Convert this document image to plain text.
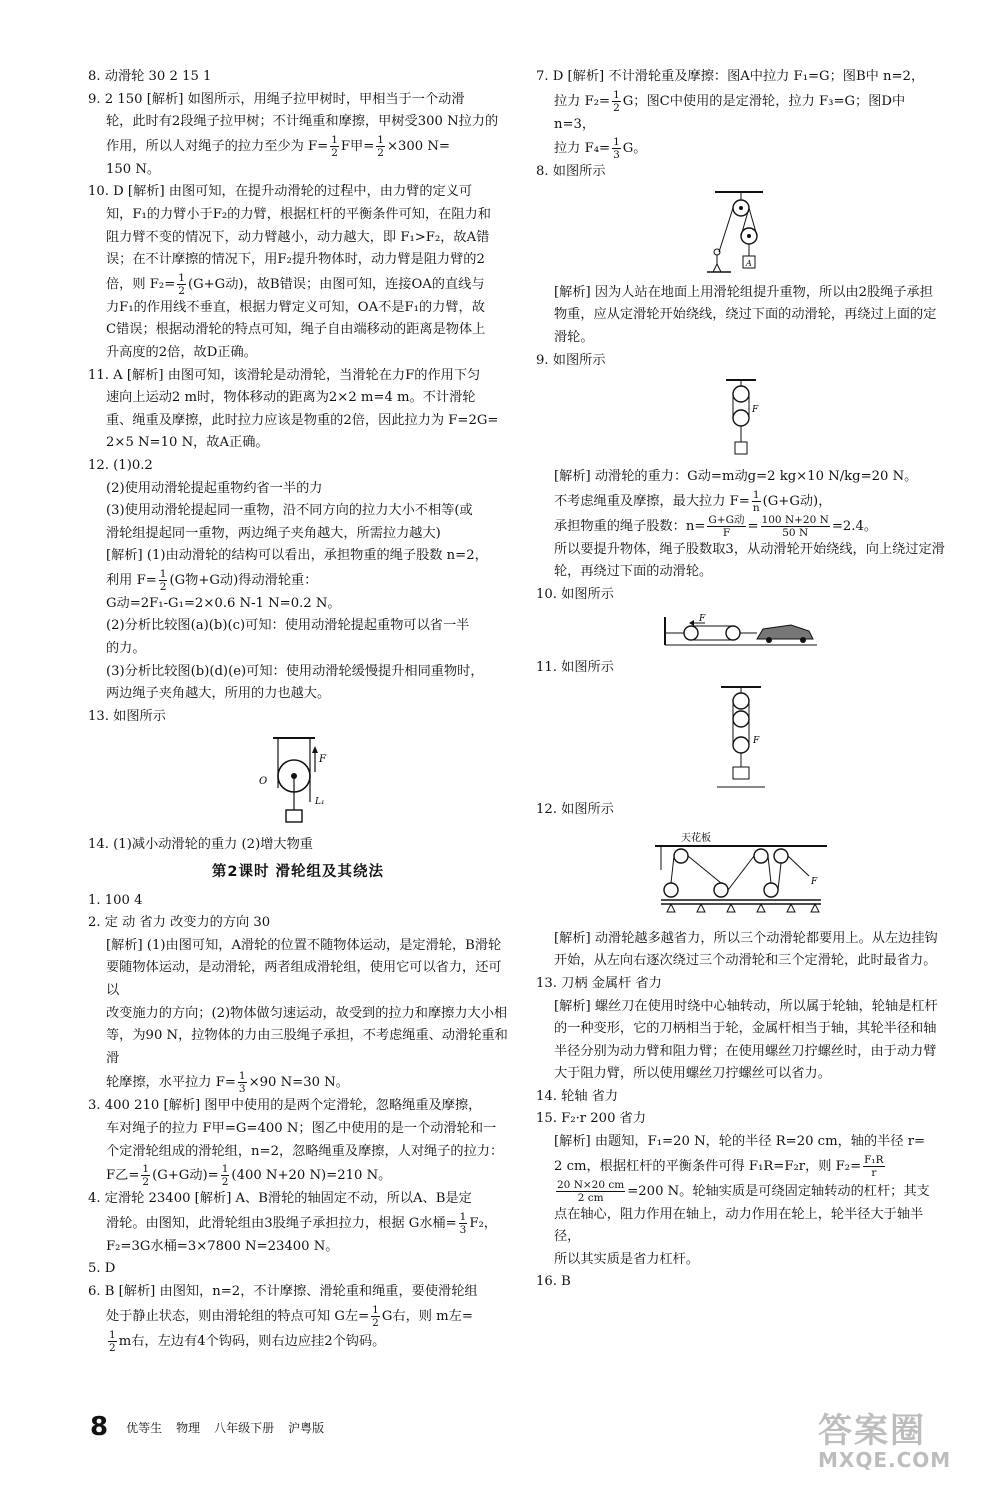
8. 动滑轮 30 2 15 1

9. 2 150 [解析] 如图所示，用绳子拉甲树时，甲相当于一个动滑

轮，此时有2段绳子拉甲树；不计绳重和摩擦，甲树受300 N拉力的

作用，所以人对绳子的拉力至少为 $F= \frac{1}{2}$ F甲= $\frac{1}{2} \times 300$ N=

150 N。

10. D [解析] 由图可知，在提升动滑轮的过程中，由力臂的定义可

知，F₁的力臂小于F₂的力臂，根据杠杆的平衡条件可知，在阻力和

阻力臂不变的情况下，动力臂越小，动力越大，即 F₁>F₂，故A错

误；在不计摩擦的情况下，用F₂提升物体时，动力臂是阻力臂的2

倍，则 $F_2= \frac{1}{2} (G+G$动)，故B错误；由图可知，连接OA的直线与

力F₁的作用线不垂直，根据力臂定义可知，OA不是F₁的力臂，故

C错误；根据动滑轮的特点可知，绳子自由端移动的距离是物体上

升高度的2倍，故D正确。

11. A [解析] 由图可知，该滑轮是动滑轮，当滑轮在力F的作用下匀

速向上运动2 m时，物体移动的距离为2×2 m=4 m。不计滑轮

重、绳重及摩擦，此时拉力应该是物重的2倍，因此拉力为 F=2G=

2×5 N=10 N，故A正确。

12. (1)0.2

(2)使用动滑轮提起重物约省一半的力

(3)使用动滑轮提起同一重物，沿不同方向的拉力大小不相等(或

滑轮组提起同一重物，两边绳子夹角越大，所需拉力越大)

[解析] (1)由动滑轮的结构可以看出，承担物重的绳子股数 n=2，

利用 $F= \frac{1}{2} (G$物+G动)得动滑轮重：

G动=2F₁-G₁=2×0.6 N-1 N=0.2 N。

(2)分析比较图(a)(b)(c)可知：使用动滑轮提起重物可以省一半

的力。

(3)分析比较图(b)(d)(e)可知：使用动滑轮缓慢提升相同重物时，

两边绳子夹角越大，所用的力也越大。

13. 如图所示

F
O
L₁

14. (1)减小动滑轮的重力 (2)增大物重

第2课时 滑轮组及其绕法

1. 100 4

2. 定 动 省力 改变力的方向 30

[解析] (1)由图可知，A滑轮的位置不随物体运动，是定滑轮，B滑轮

要随物体运动，是动滑轮，两者组成滑轮组，使用它可以省力，还可以

改变施力的方向；(2)物体做匀速运动，故受到的拉力和摩擦力大小相

等，为90 N，拉物体的力由三股绳子承担，不考虑绳重、动滑轮重和滑

轮摩擦，水平拉力 $F= \frac{1}{3} \times 90$ N=30 N。

3. 400 210 [解析] 图甲中使用的是两个定滑轮，忽略绳重及摩擦，

车对绳子的拉力 F甲=G=400 N；图乙中使用的是一个动滑轮和一

个定滑轮组成的滑轮组，n=2，忽略绳重及摩擦，人对绳子的拉力：

F乙= $\frac{1}{2} (G+G$动)= $\frac{1}{2} (400$ N+20 N)=210 N。

4. 定滑轮 23400 [解析] A、B滑轮的轴固定不动，所以A、B是定

滑轮。由图知，此滑轮组由3股绳子承担拉力，根据 G水桶= $\frac{1}{3} F_2$，

F₂=3G水桶=3×7800 N=23400 N。

5. D

6. B [解析] 由图知，n=2，不计摩擦、滑轮重和绳重，要使滑轮组

处于静止状态，则由滑轮组的特点可知 G左= $\frac{1}{2}$ G右，则 m左=

$\frac{1}{2}$ m右，左边有4个钩码，则右边应挂2个钩码。

7. D [解析] 不计滑轮重及摩擦：图A中拉力 F₁=G；图B中 n=2，

拉力 $F_2= \frac{1}{2}$ G；图C中使用的是定滑轮，拉力 F₃=G；图D中 n=3，

拉力 $F_4= \frac{1}{3}$ G。

8. 如图所示

A

[解析] 因为人站在地面上用滑轮组提升重物，所以由2股绳子承担物重，应从定滑轮开始绕线，绕过下面的动滑轮，再绕过上面的定滑轮。

9. 如图所示

F

[解析] 动滑轮的重力：G动=m动g=2 kg×10 N/kg=20 N。

不考虑绳重及摩擦，最大拉力 $F= \frac{1}{n} (G+G$动)，

承担物重的绳子股数：n= G+G动
F	= $\frac{100 N+20 N}{50 N} =2.4$。

所以要提升物体，绳子股数取3，从动滑轮开始绕线，向上绕过定滑轮，再绕过下面的动滑轮。

10. 如图所示

F

11. 如图所示

F

12. 如图所示

天花板
F

[解析] 动滑轮越多越省力，所以三个动滑轮都要用上。从左边挂钩开始，从左向右逐次绕过三个动滑轮和三个定滑轮，此时最省力。

13. 刀柄 金属杆 省力

[解析] 螺丝刀在使用时绕中心轴转动，所以属于轮轴，轮轴是杠杆的一种变形，它的刀柄相当于轮，金属杆相当于轴，其轮半径和轴半径分别为动力臂和阻力臂；在使用螺丝刀拧螺丝时，由于动力臂大于阻力臂，所以使用螺丝刀拧螺丝可以省力。

14. 轮轴 省力

15. F₂·r 200 省力

[解析] 由题知，F₁=20 N，轮的半径 R=20 cm，轴的半径 r=

2 cm，根据杠杆的平衡条件可得 F₁R=F₂r，则 $F_2= \frac{\text{F₁R}}{r}$

$\frac{20 N\times 20 cm}{2 cm} =200$ N。轮轴实质是可绕固定轴转动的杠杆；其支

点在轴心，阻力作用在轴上，动力作用在轮上，轮半径大于轴半径，

所以其实质是省力杠杆。

16. B

8 优等生 物理 八年级下册 沪粤版	答案圈
MXQE.COM
